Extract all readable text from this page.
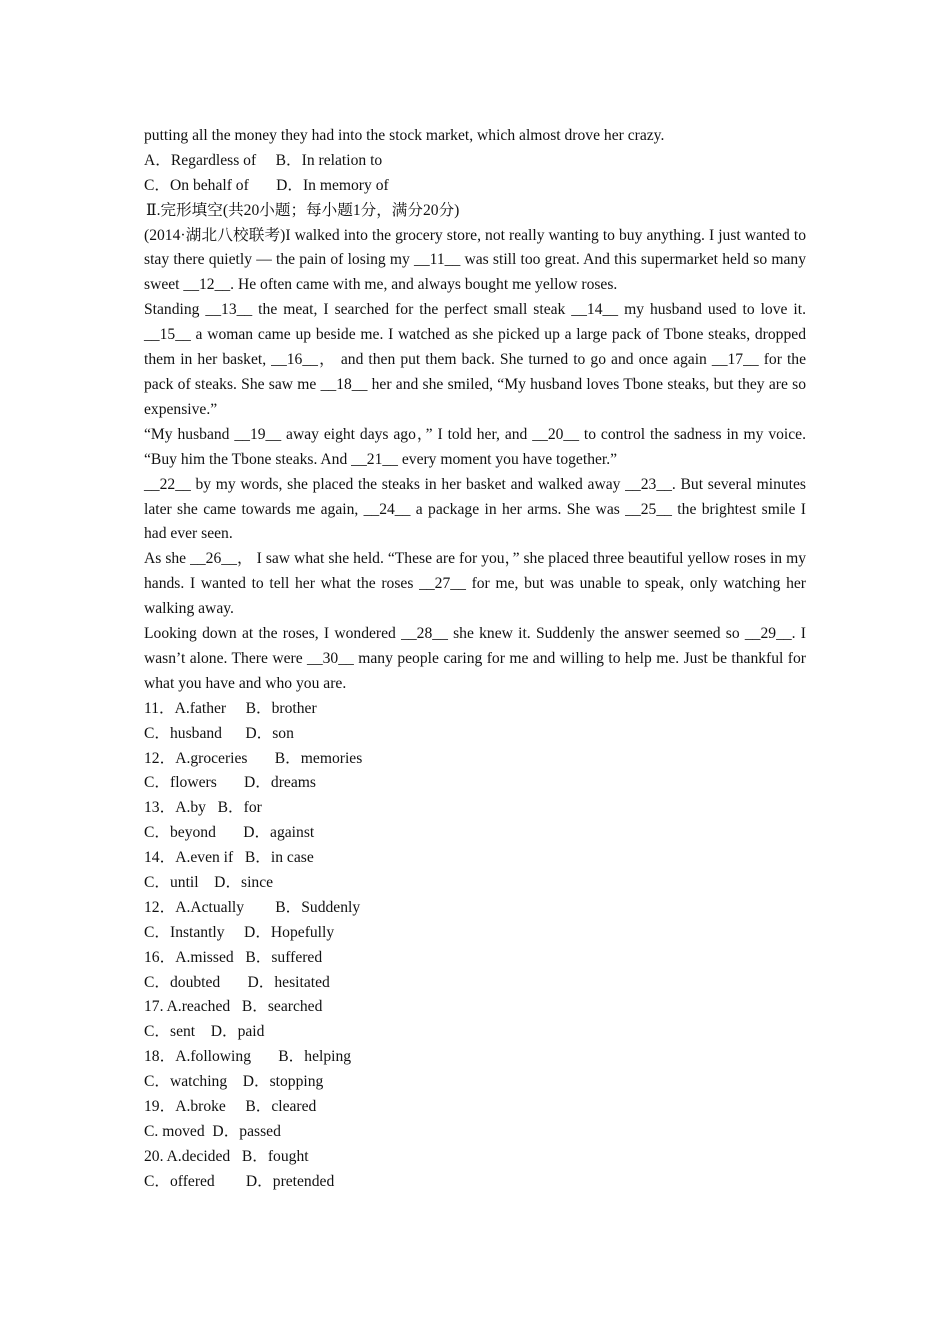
putting all the money they had into the stock market, which almost drove her crazy.
A．Regardless of     B．In relation to
C．On behalf of       D．In memory of
Ⅱ.完形填空(共20小题；每小题1分，满分20分)

(2014·湖北八校联考)I walked into the grocery store, not really wanting to buy anything. I just wanted to stay there quietly — the pain of losing my __11__ was still too great. And this supermarket held so many sweet __12__. He often came with me, and always bought me yellow roses.

Standing __13__ the meat, I searched for the perfect small steak __14__ my husband used to love it. __15__ a woman came up beside me. I watched as she picked up a large pack of Tbone steaks, dropped them in her basket, __16__， and then put them back. She turned to go and once again __17__ for the pack of steaks. She saw me __18__ her and she smiled, “My husband loves Tbone steaks, but they are so expensive.”

“My husband __19__ away eight days ago，” I told her, and __20__ to control the sadness in my voice. “Buy him the Tbone steaks. And __21__ every moment you have together.”

__22__ by my words, she placed the steaks in her basket and walked away __23__. But several minutes later she came towards me again, __24__ a package in her arms. She was __25__ the brightest smile I had ever seen.

As she __26__， I saw what she held. “These are for you，” she placed three beautiful yellow roses in my hands. I wanted to tell her what the roses __27__ for me, but was unable to speak, only watching her walking away.

Looking down at the roses, I wondered __28__ she knew it. Suddenly the answer seemed so __29__. I wasn’t alone. There were __30__ many people caring for me and willing to help me. Just be thankful for what you have and who you are.

11．A.father     B．brother
C．husband      D．son
12．A.groceries       B．memories
C．flowers       D．dreams
13．A.by   B．for
C．beyond       D．against
14．A.even if   B．in case
C．until    D．since
12．A.Actually        B．Suddenly
C．Instantly     D．Hopefully
16．A.missed   B．suffered
C．doubted       D．hesitated
17. A.reached   B．searched
C．sent    D．paid
18．A.following       B．helping
C．watching    D．stopping
19．A.broke     B．cleared
C. moved  D．passed
20. A.decided   B．fought
C．offered        D．pretended
